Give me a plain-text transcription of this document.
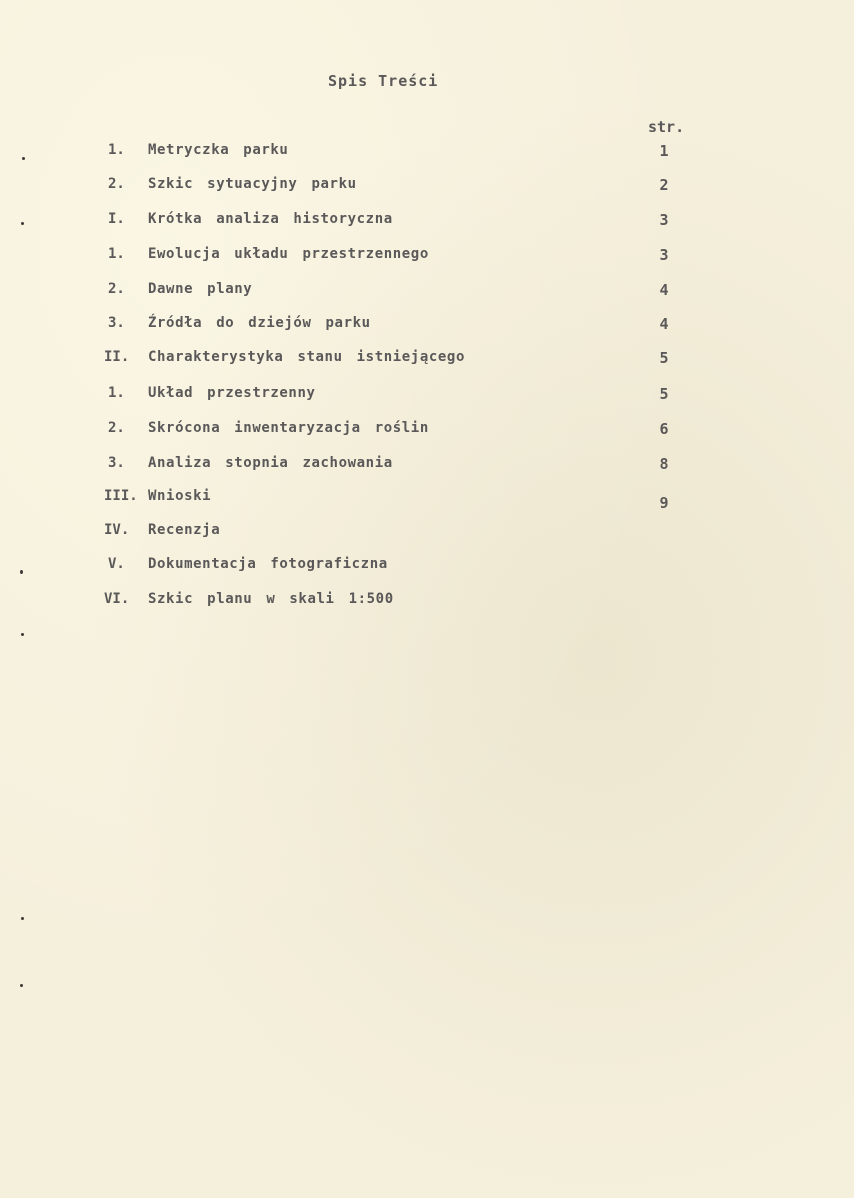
Spis Treści
str.
1. Metryczka parku	1
2. Szkic sytuacyjny parku	2
I. Krótka analiza historyczna	3
1. Ewolucja układu przestrzennego	3
2. Dawne plany	4
3. Źródła do dziejów parku	4
II. Charakterystyka stanu istniejącego	5
1. Układ przestrzenny	5
2. Skrócona inwentaryzacja roślin	6
3. Analiza stopnia zachowania	8
III. Wnioski	9
IV. Recenzja
V. Dokumentacja fotograficzna
VI. Szkic planu w skali 1:500
